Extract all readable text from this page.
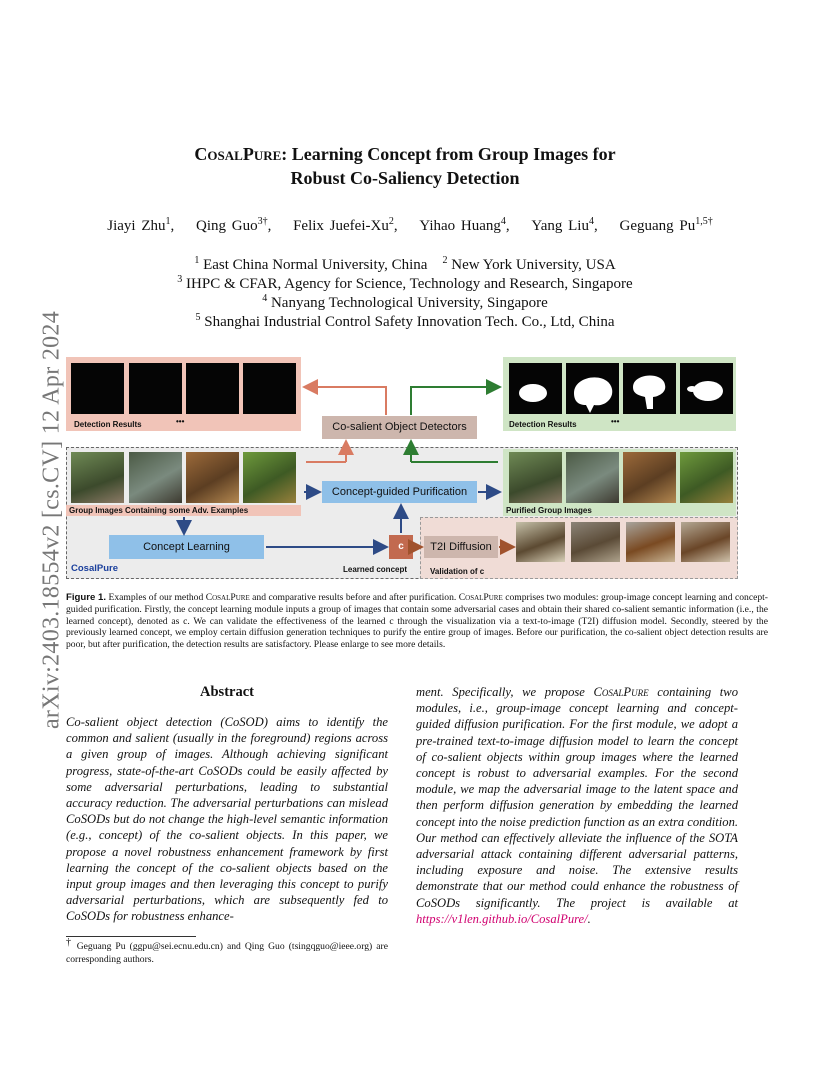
arXiv:2403.18554v2 [cs.CV] 12 Apr 2024
CosalPure: Learning Concept from Group Images for
Robust Co-Saliency Detection
Jiayi Zhu$^1$, Qing Guo$^{3\dagger}$, Felix Juefei-Xu$^2$, Yihao Huang$^4$, Yang Liu$^4$, Geguang $Pu^{1,5\dagger}$
$^1$ East China Normal University, China $^2$ New York University, USA
$^3$ IHPC & CFAR, Agency for Science, Technology and Research, Singapore
$^4$ Nanyang Technological University, Singapore
$^5$ Shanghai Industrial Control Safety Innovation Tech. Co., Ltd, China
Detection Results	•••	Detection Results	•••
Co-salient Object Detectors
Group Images Containing some Adv. Examples	Purified Group Images
Concept-guided Purification
Concept Learning	c	T2I Diffusion
CosalPure	Learned concept	Validation of c
Figure 1. Examples of our method CosalPure and comparative results before and after purification. CosalPure comprises two modules: group-image concept learning and concept-guided purification. Firstly, the concept learning module inputs a group of images that contain some adversarial cases and obtain their shared co-salient semantic information (i.e., the learned concept), denoted as c. We can validate the effectiveness of the learned c through the visualization via a text-to-image (T2I) diffusion model. Secondly, steered by the previously learned concept, we employ certain diffusion generation techniques to purify the entire group of images. Before our purification, the co-salient object detection results are poor, but after purification, the detection results are satisfactory. Please enlarge to see more details.
Abstract
Co-salient object detection (CoSOD) aims to identify the common and salient (usually in the foreground) regions across a given group of images. Although achieving significant progress, state-of-the-art CoSODs could be easily affected by some adversarial perturbations, leading to substantial accuracy reduction. The adversarial perturbations can mislead CoSODs but do not change the high-level semantic information (e.g., concept) of the co-salient objects. In this paper, we propose a novel robustness enhancement framework by first learning the concept of the co-salient objects based on the input group images and then leveraging this concept to purify adversarial perturbations, which are subsequently fed to CoSODs for robustness enhance-
ment. Specifically, we propose CosalPure containing two modules, i.e., group-image concept learning and concept-guided diffusion purification. For the first module, we adopt a pre-trained text-to-image diffusion model to learn the concept of co-salient objects within group images where the learned concept is robust to adversarial examples. For the second module, we map the adversarial image to the latent space and then perform diffusion generation by embedding the learned concept into the noise prediction function as an extra condition. Our method can effectively alleviate the influence of the SOTA adversarial attack containing different adversarial patterns, including exposure and noise. The extensive results demonstrate that our method could enhance the robustness of CoSODs significantly. The project is available at https://v1len.github.io/CosalPure/.
† Geguang Pu (ggpu@sei.ecnu.edu.cn) and Qing Guo (tsingqguo@ieee.org) are corresponding authors.
